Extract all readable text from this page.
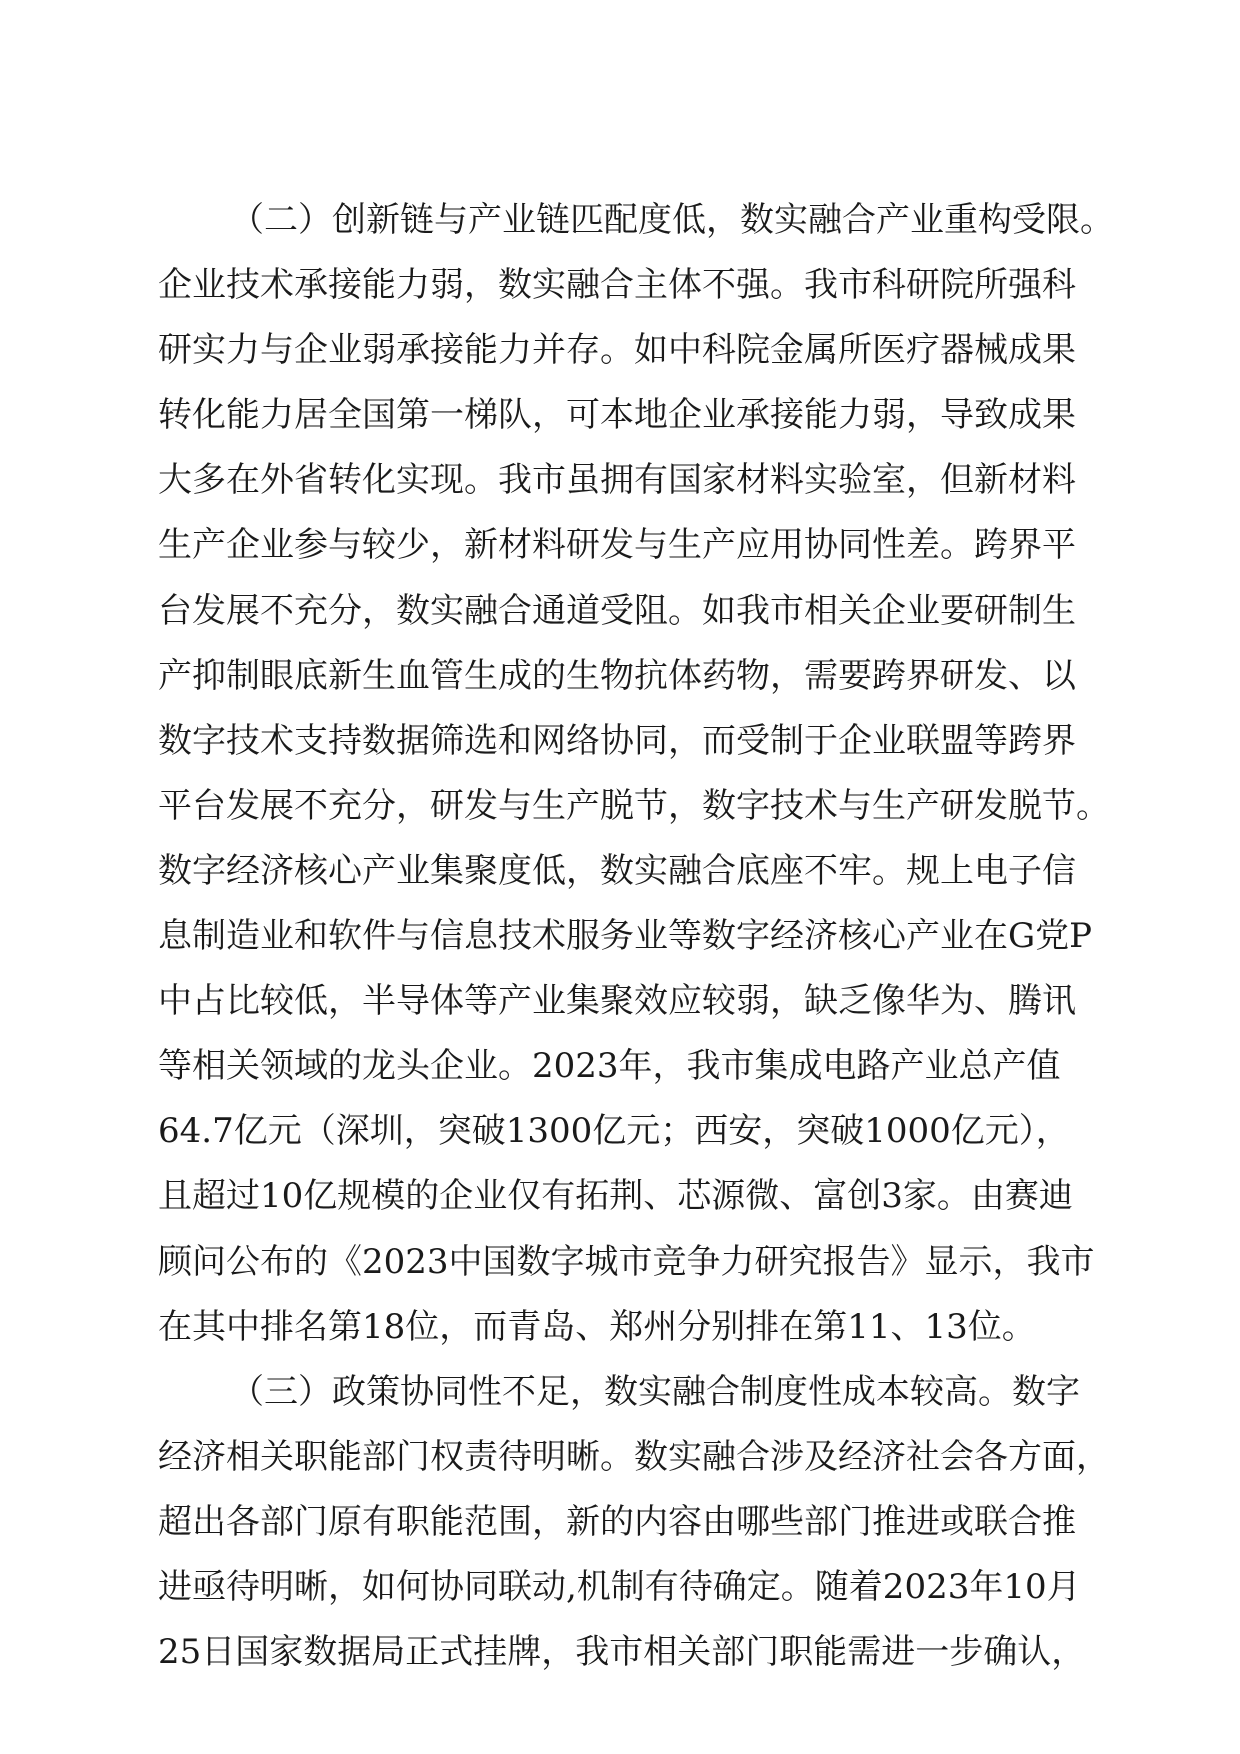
（二）创新链与产业链匹配度低，数实融合产业重构受限。
企业技术承接能力弱，数实融合主体不强。我市科研院所强科
研实力与企业弱承接能力并存。如中科院金属所医疗器械成果
转化能力居全国第一梯队，可本地企业承接能力弱，导致成果
大多在外省转化实现。我市虽拥有国家材料实验室，但新材料
生产企业参与较少，新材料研发与生产应用协同性差。跨界平
台发展不充分，数实融合通道受阻。如我市相关企业要研制生
产抑制眼底新生血管生成的生物抗体药物，需要跨界研发、以
数字技术支持数据筛选和网络协同，而受制于企业联盟等跨界
平台发展不充分，研发与生产脱节，数字技术与生产研发脱节。
数字经济核心产业集聚度低，数实融合底座不牢。规上电子信
息制造业和软件与信息技术服务业等数字经济核心产业在G党P
中占比较低，半导体等产业集聚效应较弱，缺乏像华为、腾讯
等相关领域的龙头企业。2023年，我市集成电路产业总产值
64.7亿元（深圳，突破1300亿元；西安，突破1000亿元），
且超过10亿规模的企业仅有拓荆、芯源微、富创3家。由赛迪
顾问公布的《2023中国数字城市竞争力研究报告》显示，我市
在其中排名第18位，而青岛、郑州分别排在第11、13位。
（三）政策协同性不足，数实融合制度性成本较高。数字
经济相关职能部门权责待明晰。数实融合涉及经济社会各方面，
超出各部门原有职能范围，新的内容由哪些部门推进或联合推
进亟待明晰，如何协同联动,机制有待确定。随着2023年10月
25日国家数据局正式挂牌，我市相关部门职能需进一步确认，
